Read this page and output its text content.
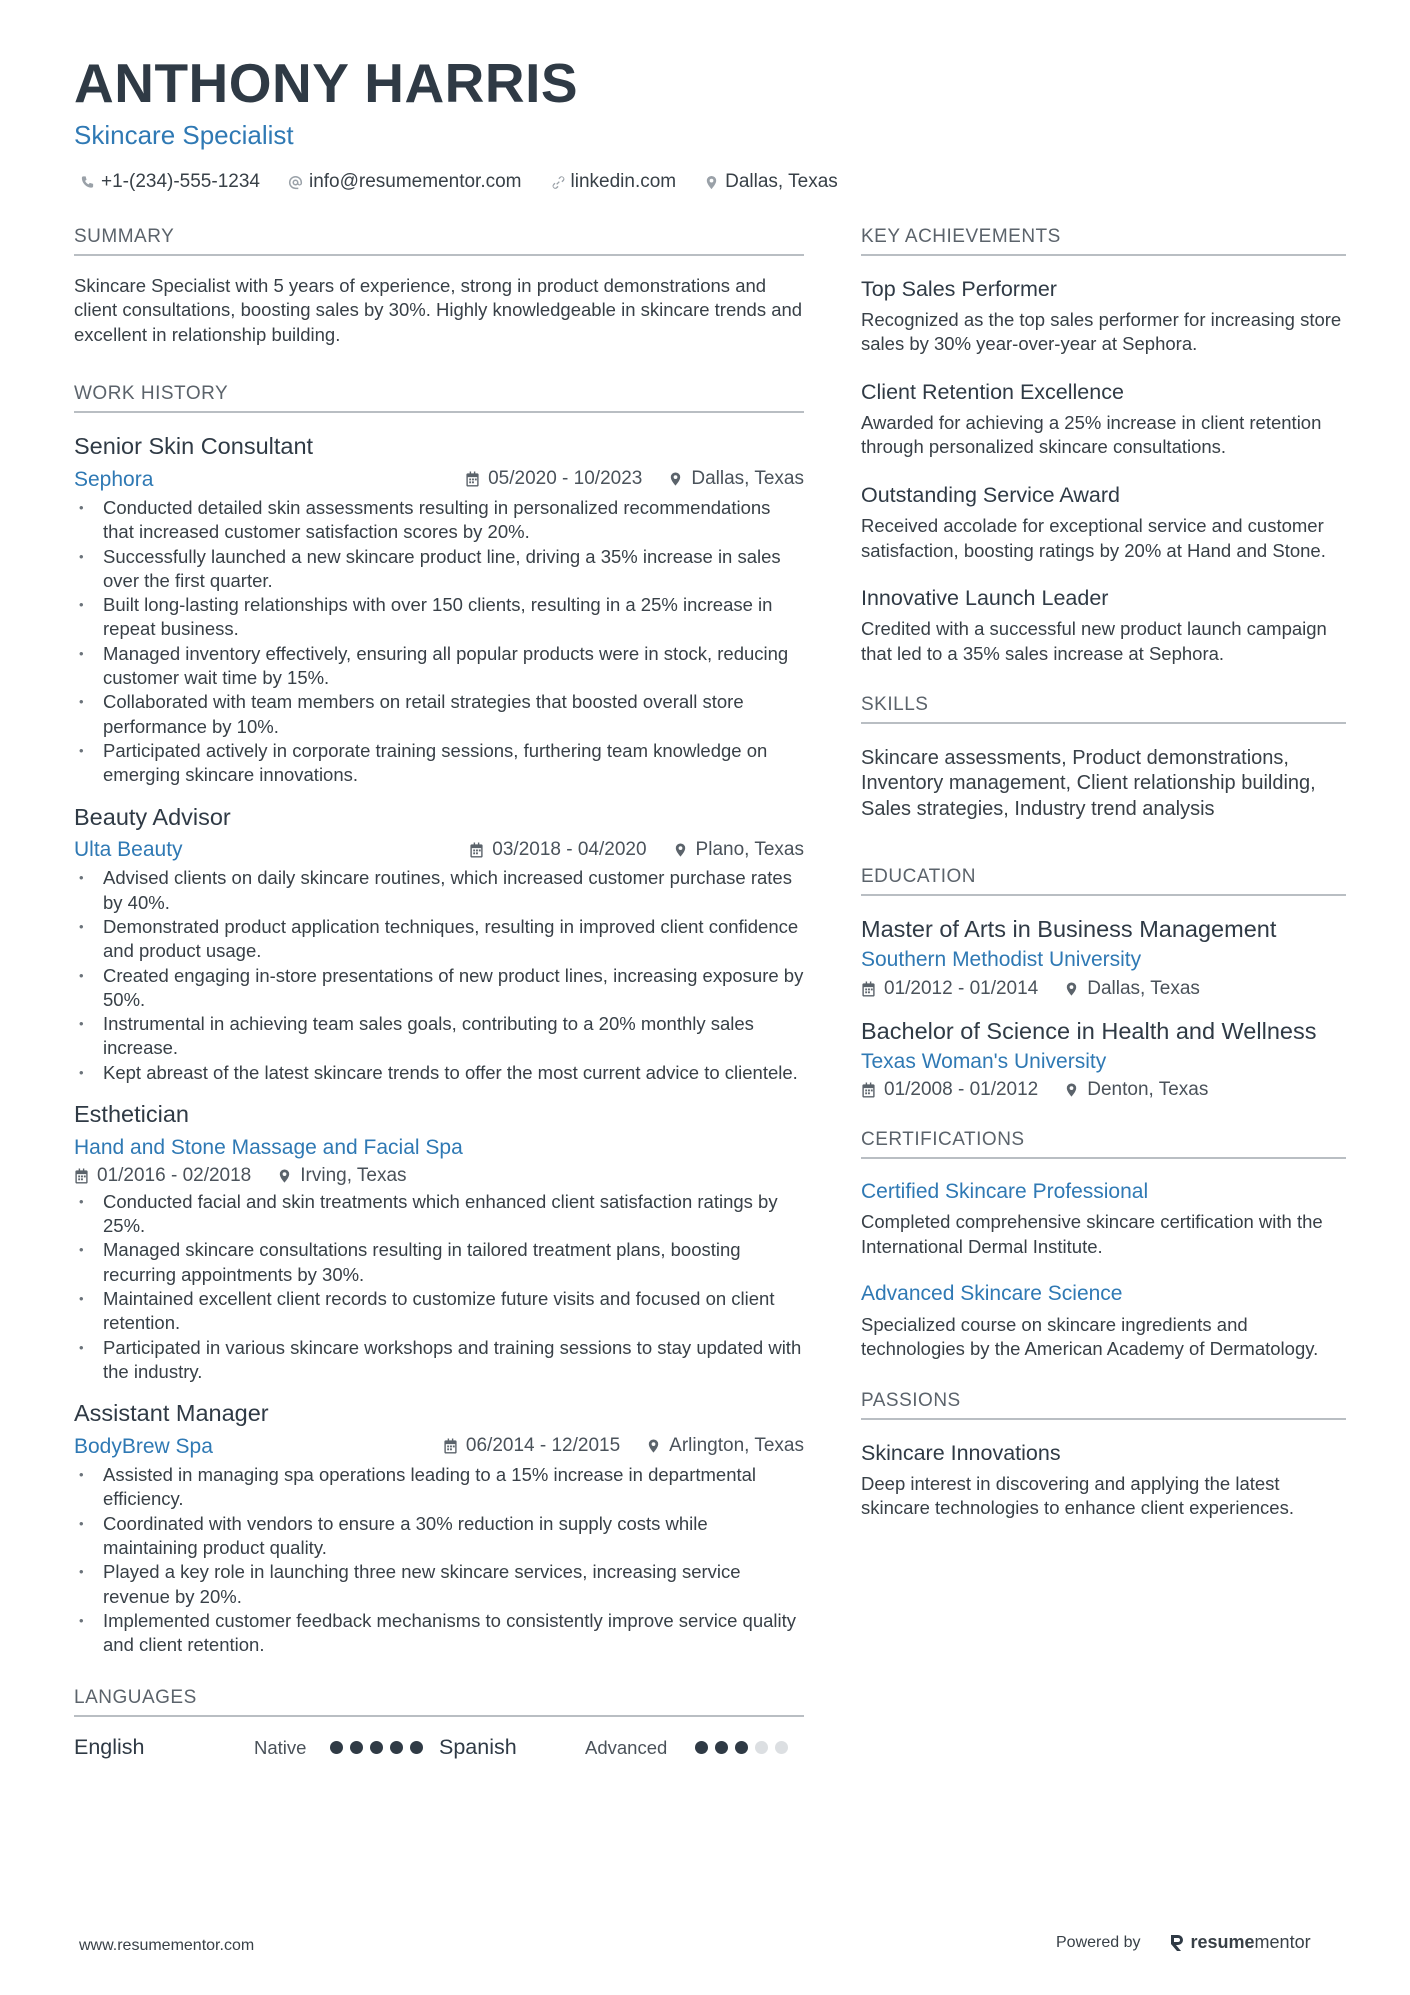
ANTHONY HARRIS
Skincare Specialist
+1-(234)-555-1234	info@resumementor.com	linkedin.com	Dallas, Texas
SUMMARY
Skincare Specialist with 5 years of experience, strong in product demonstrations and client consultations, boosting sales by 30%. Highly knowledgeable in skincare trends and excellent in relationship building.
WORK HISTORY
Senior Skin Consultant
Sephora	05/2020 - 10/2023	Dallas, Texas
• Conducted detailed skin assessments resulting in personalized recommendations that increased customer satisfaction scores by 20%.
• Successfully launched a new skincare product line, driving a 35% increase in sales over the first quarter.
• Built long-lasting relationships with over 150 clients, resulting in a 25% increase in repeat business.
• Managed inventory effectively, ensuring all popular products were in stock, reducing customer wait time by 15%.
• Collaborated with team members on retail strategies that boosted overall store performance by 10%.
• Participated actively in corporate training sessions, furthering team knowledge on emerging skincare innovations.
Beauty Advisor
Ulta Beauty	03/2018 - 04/2020	Plano, Texas
• Advised clients on daily skincare routines, which increased customer purchase rates by 40%.
• Demonstrated product application techniques, resulting in improved client confidence and product usage.
• Created engaging in-store presentations of new product lines, increasing exposure by 50%.
• Instrumental in achieving team sales goals, contributing to a 20% monthly sales increase.
• Kept abreast of the latest skincare trends to offer the most current advice to clientele.
Esthetician
Hand and Stone Massage and Facial Spa
01/2016 - 02/2018	Irving, Texas
• Conducted facial and skin treatments which enhanced client satisfaction ratings by 25%.
• Managed skincare consultations resulting in tailored treatment plans, boosting recurring appointments by 30%.
• Maintained excellent client records to customize future visits and focused on client retention.
• Participated in various skincare workshops and training sessions to stay updated with the industry.
Assistant Manager
BodyBrew Spa	06/2014 - 12/2015	Arlington, Texas
• Assisted in managing spa operations leading to a 15% increase in departmental efficiency.
• Coordinated with vendors to ensure a 30% reduction in supply costs while maintaining product quality.
• Played a key role in launching three new skincare services, increasing service revenue by 20%.
• Implemented customer feedback mechanisms to consistently improve service quality and client retention.
LANGUAGES
English	Native	Spanish	Advanced
KEY ACHIEVEMENTS
Top Sales Performer
Recognized as the top sales performer for increasing store sales by 30% year-over-year at Sephora.
Client Retention Excellence
Awarded for achieving a 25% increase in client retention through personalized skincare consultations.
Outstanding Service Award
Received accolade for exceptional service and customer satisfaction, boosting ratings by 20% at Hand and Stone.
Innovative Launch Leader
Credited with a successful new product launch campaign that led to a 35% sales increase at Sephora.
SKILLS
Skincare assessments, Product demonstrations, Inventory management, Client relationship building, Sales strategies, Industry trend analysis
EDUCATION
Master of Arts in Business Management
Southern Methodist University
01/2012 - 01/2014	Dallas, Texas
Bachelor of Science in Health and Wellness
Texas Woman's University
01/2008 - 01/2012	Denton, Texas
CERTIFICATIONS
Certified Skincare Professional
Completed comprehensive skincare certification with the International Dermal Institute.
Advanced Skincare Science
Specialized course on skincare ingredients and technologies by the American Academy of Dermatology.
PASSIONS
Skincare Innovations
Deep interest in discovering and applying the latest skincare technologies to enhance client experiences.
www.resumementor.com	Powered by	resumementor
